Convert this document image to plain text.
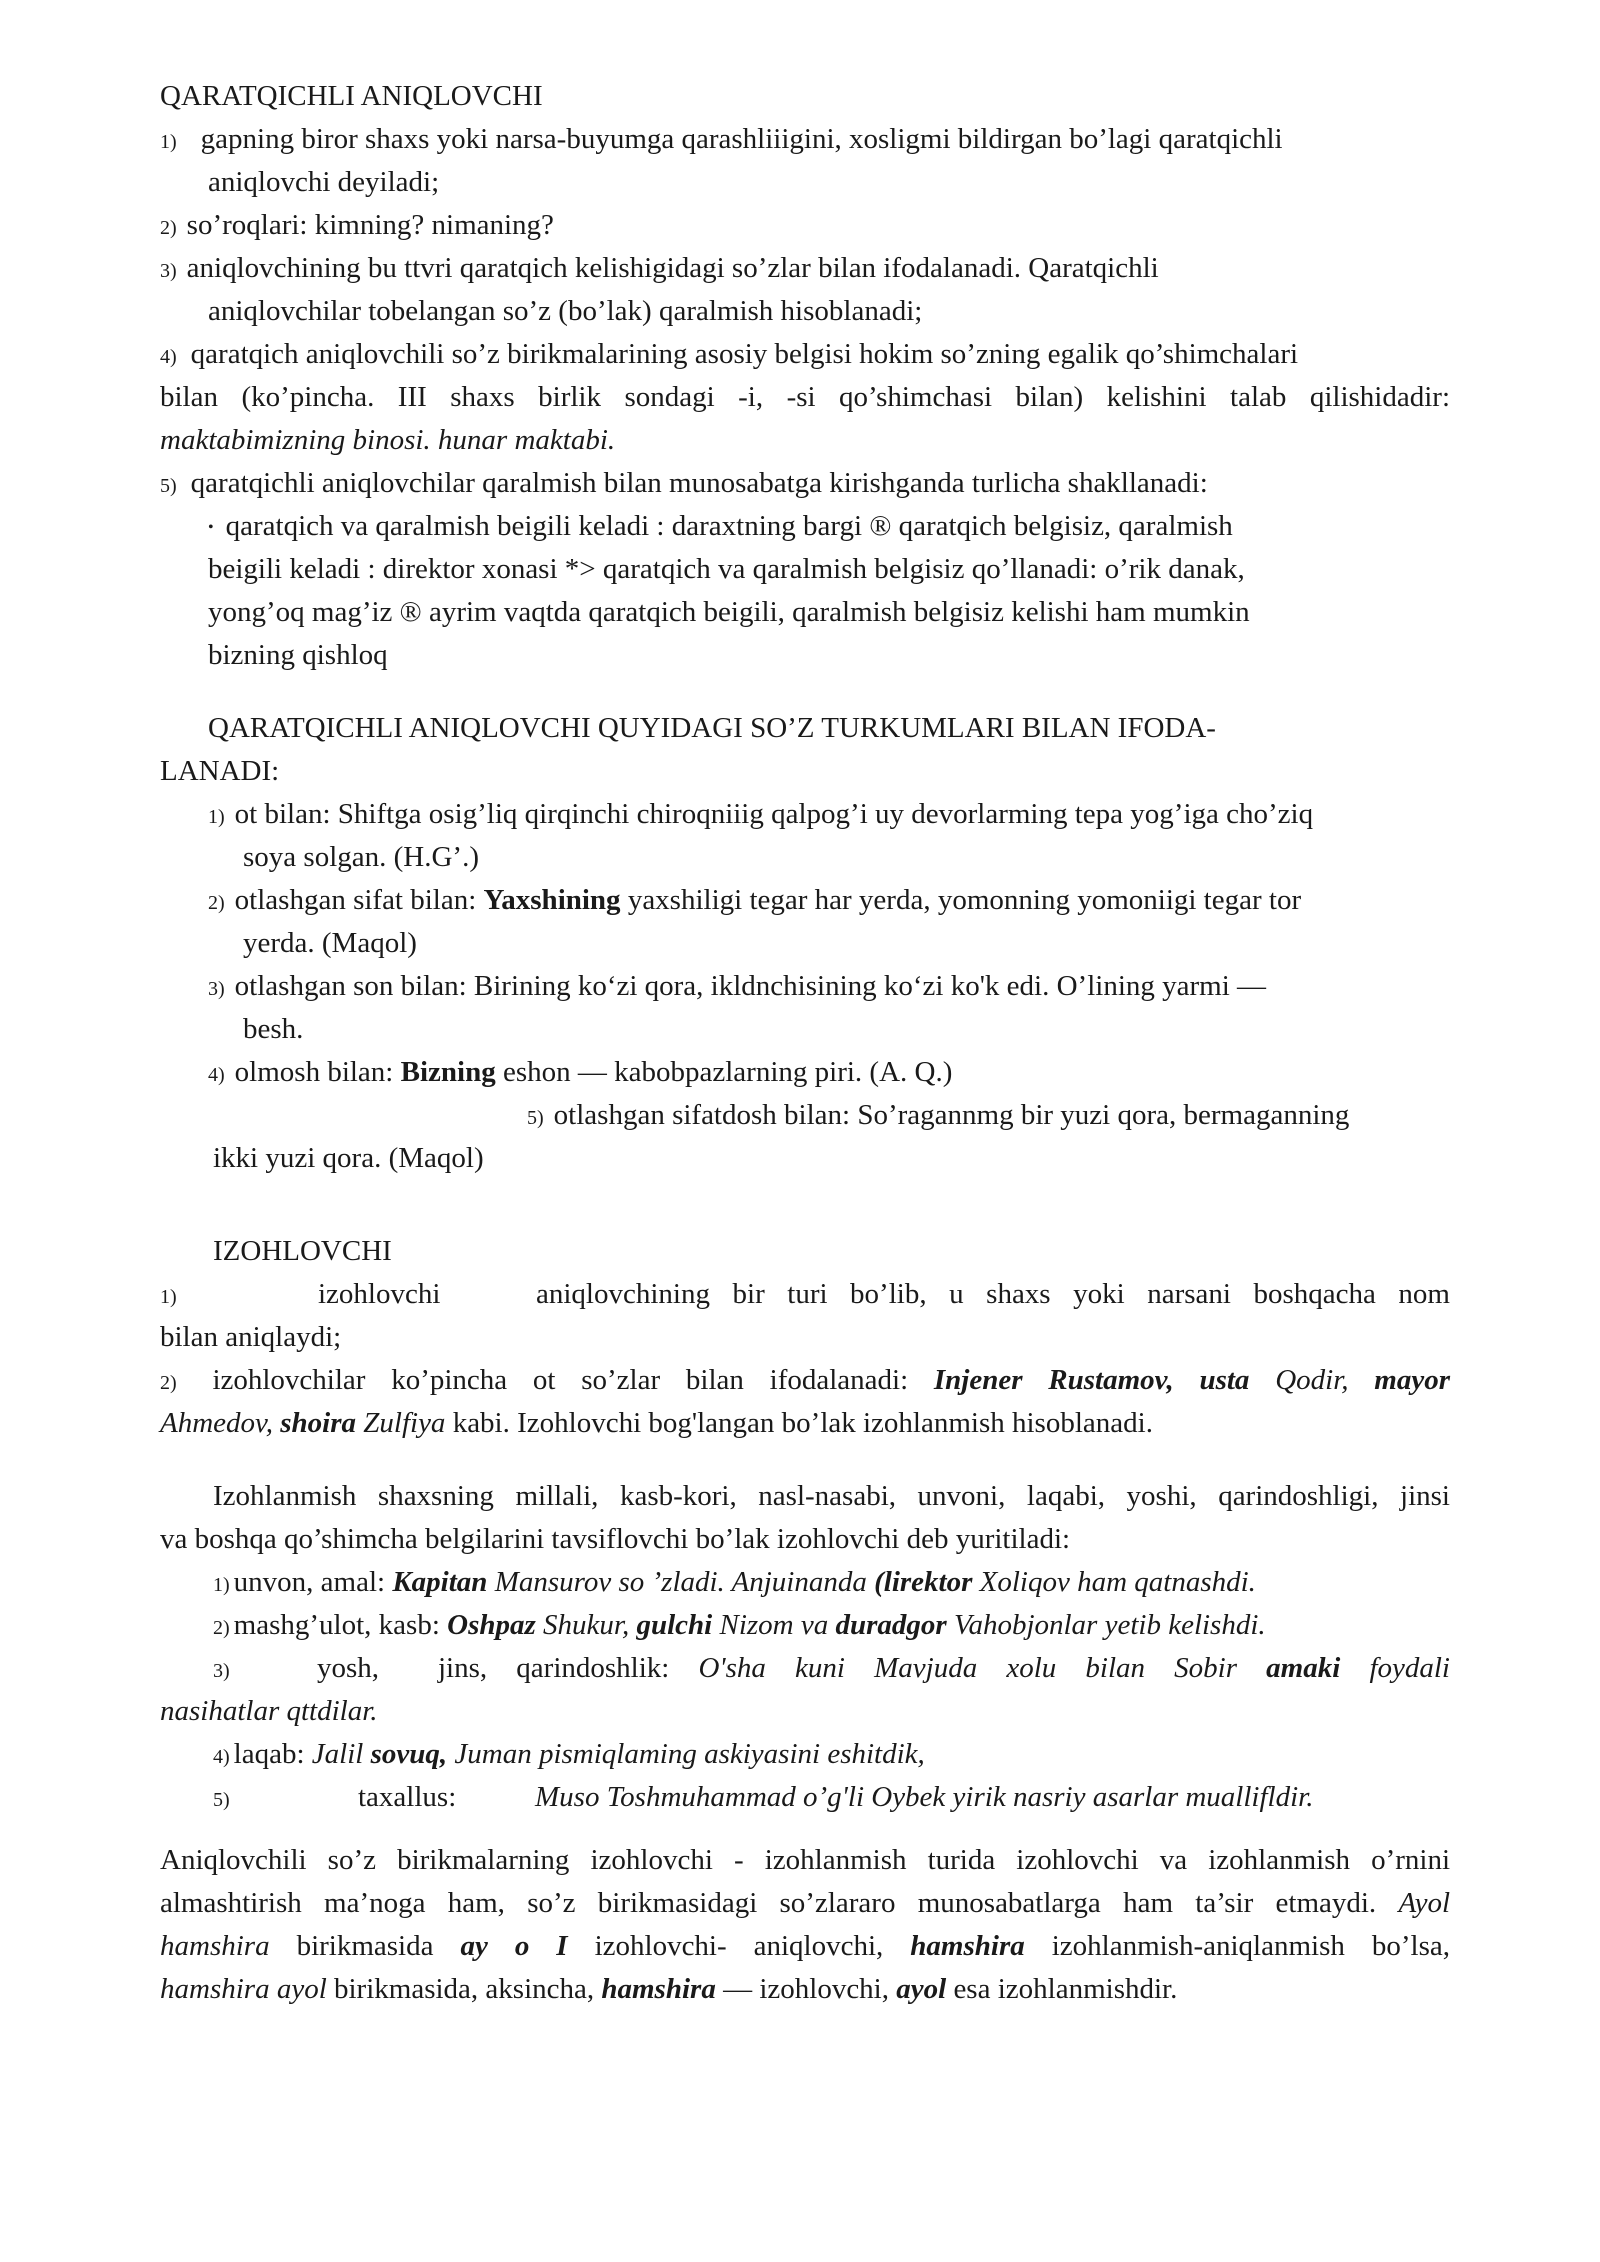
QARATQICHLI ANIQLOVCHI
1) gapning biror shaxs yoki narsa-buyumga qarashliiigini, xosligmi bildirgan bo’lagi qaratqichli
aniqlovchi deyiladi;
2) so’roqlari: kimning? nimaning?
3) aniqlovchining bu ttvri qaratqich kelishigidagi so’zlar bilan ifodalanadi. Qaratqichli
aniqlovchilar tobelangan so’z (bo’lak) qaralmish hisoblanadi;
4) qaratqich aniqlovchili so’z birikmalarining asosiy belgisi hokim so’zning egalik qo’shimchalari
bilan (ko’pincha. III shaxs birlik sondagi -i, -si qo’shimchasi bilan) kelishini talab qilishidadir:
maktabimizning binosi. hunar maktabi.
5) qaratqichli aniqlovchilar qaralmish bilan munosabatga kirishganda turlicha shakllanadi:
• qaratqich va qaralmish beigili keladi : daraxtning bargi ® qaratqich belgisiz, qaralmish
beigili keladi : direktor xonasi *> qaratqich va qaralmish belgisiz qo’llanadi: o’rik danak,
yong’oq mag’iz ® ayrim vaqtda qaratqich beigili, qaralmish belgisiz kelishi ham mumkin
bizning qishloq
QARATQICHLI ANIQLOVCHI QUYIDAGI SO’Z TURKUMLARI BILAN IFODA-
LANADI:
1) ot bilan: Shiftga osig’liq qirqinchi chiroqniiig qalpog’i uy devorlarming tepa yog’iga cho’ziq
soya solgan. (H.G’.)
2) otlashgan sifat bilan: Yaxshining yaxshiligi tegar har yerda, yomonning yomoniigi tegar tor
yerda. (Maqol)
3) otlashgan son bilan: Birining ko‘zi qora, ikldnchisining ko‘zi ko'k edi. O’lining yarmi —
besh.
4) olmosh bilan: Bizning eshon — kabobpazlarning piri. (A. Q.)
5) otlashgan sifatdosh bilan: So’ragannmg bir yuzi qora, bermaganning
ikki yuzi qora. (Maqol)
IZOHLOVCHI
1)	izohlovchi	aniqlovchining bir turi bo’lib, u shaxs yoki narsani boshqacha nom
bilan aniqlaydi;
2) izohlovchilar ko’pincha ot so’zlar bilan ifodalanadi: Injener Rustamov, usta Qodir, mayor
Ahmedov, shoira Zulfiya kabi. Izohlovchi bog'langan bo’lak izohlanmish hisoblanadi.
Izohlanmish shaxsning millali, kasb-kori, nasl-nasabi, unvoni, laqabi, yoshi, qarindoshligi, jinsi
va boshqa qo’shimcha belgilarini tavsiflovchi bo’lak izohlovchi deb yuritiladi:
1) unvon, amal: Kapitan Mansurov so ’zladi. Anjuinanda (lirektor Xoliqov ham qatnashdi.
2) mashg’ulot, kasb: Oshpaz Shukur, gulchi Nizom va duradgor Vahobjonlar yetib kelishdi.
3)	yosh, jins, qarindoshlik: O'sha kuni Mavjuda xolu bilan Sobir amaki foydali
nasihatlar qttdilar.
4) laqab: Jalil sovuq, Juman pismiqlaming askiyasini eshitdik,
5)	taxallus:	Muso Toshmuhammad o’g'li Oybek yirik nasriy asarlar muallifldir.
Aniqlovchili so’z birikmalarning izohlovchi - izohlanmish turida izohlovchi va izohlanmish o’rnini
almashtirish ma’noga ham, so’z birikmasidagi so’zlararo munosabatlarga ham ta’sir etmaydi. Ayol
hamshira birikmasida ay o I izohlovchi- aniqlovchi, hamshira izohlanmish-aniqlanmish bo’lsa,
hamshira ayol birikmasida, aksincha, hamshira — izohlovchi, ayol esa izohlanmishdir.
